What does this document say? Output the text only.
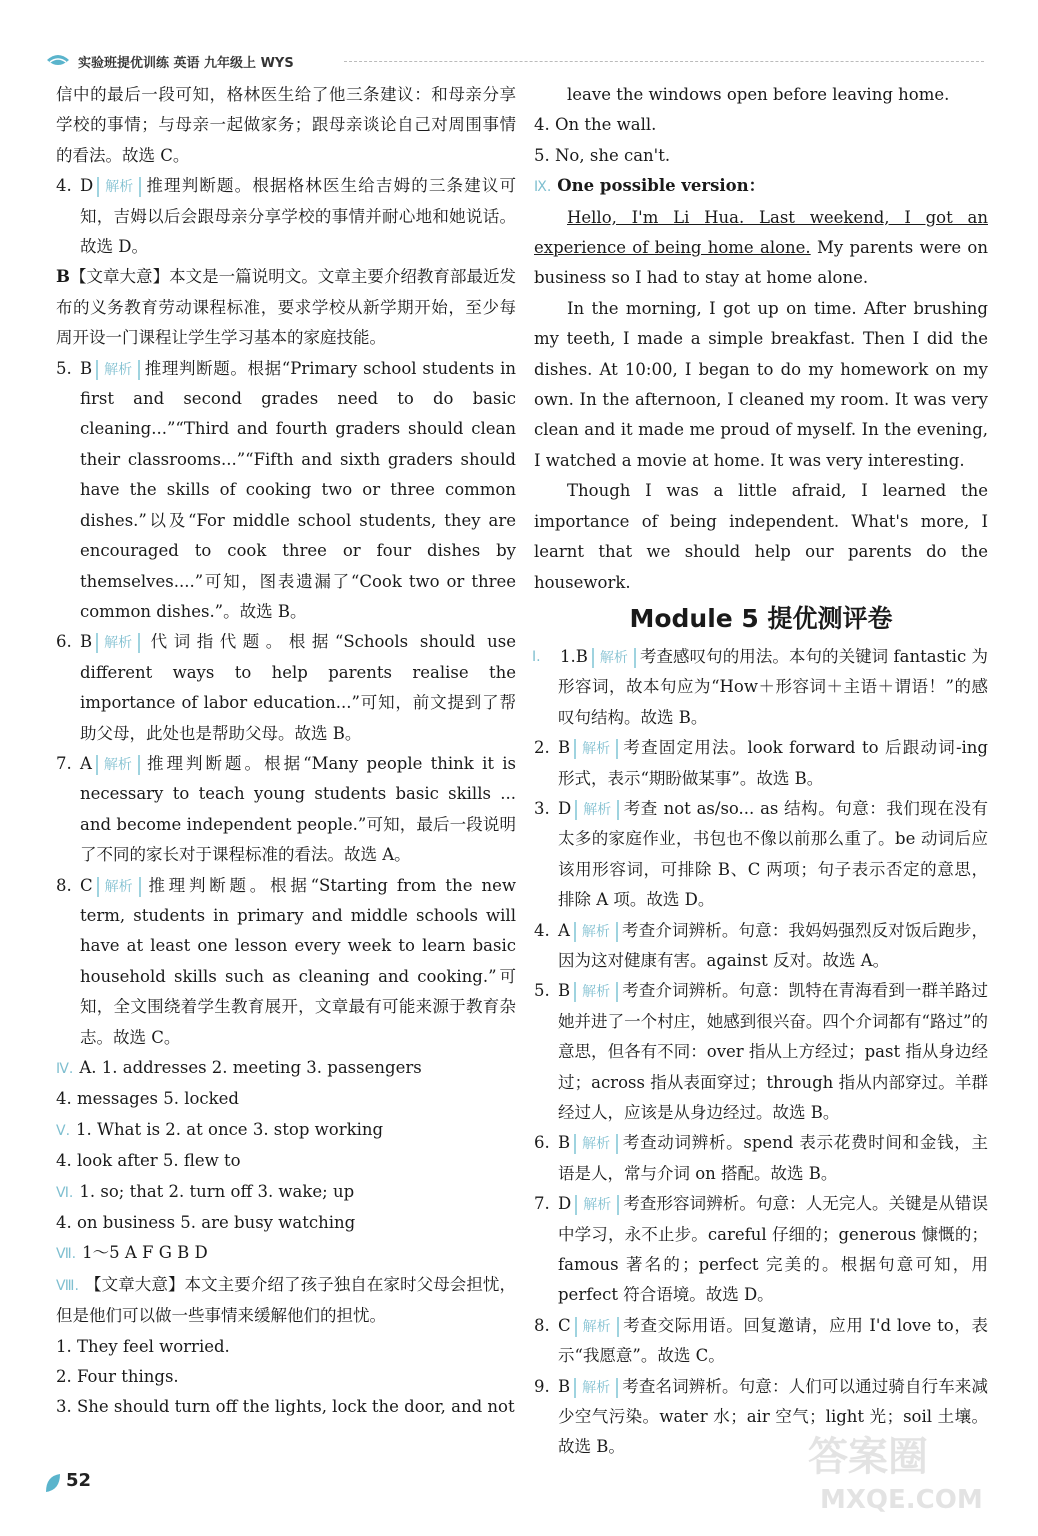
实验班提优训练 英语 九年级上 WYS

信中的最后一段可知，格林医生给了他三条建议：和母亲分享学校的事情；与母亲一起做家务；跟母亲谈论自己对周围事情的看法。故选 C。

4. D 解析 推理判断题。根据格林医生给吉姆的三条建议可知，吉姆以后会跟母亲分享学校的事情并耐心地和她说话。故选 D。

B【文章大意】本文是一篇说明文。文章主要介绍教育部最近发布的义务教育劳动课程标准，要求学校从新学期开始，至少每周开设一门课程让学生学习基本的家庭技能。

5. B 解析 推理判断题。根据“Primary school students in first and second grades need to do basic cleaning...”“Third and fourth graders should clean their classrooms...”“Fifth and sixth graders should have the skills of cooking two or three common dishes.”以及“For middle school students, they are encouraged to cook three or four dishes by themselves....”可知，图表遗漏了“Cook two or three common dishes.”。故选 B。

6. B 解析 代词指代题。根据“Schools should use different ways to help parents realise the importance of labor education...”可知，前文提到了帮助父母，此处也是帮助父母。故选 B。

7. A 解析 推理判断题。根据“Many people think it is necessary to teach young students basic skills ... and become independent people.”可知，最后一段说明了不同的家长对于课程标准的看法。故选 A。

8. C 解析 推理判断题。根据“Starting from the new term, students in primary and middle schools will have at least one lesson every week to learn basic household skills such as cleaning and cooking.”可知，全文围绕着学生教育展开，文章最有可能来源于教育杂志。故选 C。

Ⅳ. A. 1. addresses 2. meeting 3. passengers

4. messages 5. locked

Ⅴ. 1. What is 2. at once 3. stop working

4. look after 5. flew to

Ⅵ. 1. so; that 2. turn off 3. wake; up

4. on business 5. are busy watching

Ⅶ. 1～5 A F G B D

Ⅷ. 【文章大意】本文主要介绍了孩子独自在家时父母会担忧，但是他们可以做一些事情来缓解他们的担忧。

1. They feel worried.

2. Four things.

3. She should turn off the lights, lock the door, and not

leave the windows open before leaving home.

4. On the wall.

5. No, she can't.

Ⅸ. One possible version：

Hello, I'm Li Hua. Last weekend, I got an experience of being home alone. My parents were on business so I had to stay at home alone.

In the morning, I got up on time. After brushing my teeth, I made a simple breakfast. Then I did the dishes. At 10:00, I began to do my homework on my own. In the afternoon, I cleaned my room. It was very clean and it made me proud of myself. In the evening, I watched a movie at home. It was very interesting.

Though I was a little afraid, I learned the importance of being independent. What's more, I learnt that we should help our parents do the housework.

Module 5 提优测评卷

Ⅰ. 1.B 解析 考查感叹句的用法。本句的关键词 fantastic 为形容词，故本句应为“How＋形容词＋主语＋谓语！”的感叹句结构。故选 B。

2. B 解析 考查固定用法。look forward to 后跟动词-ing 形式，表示“期盼做某事”。故选 B。

3. D 解析 考查 not as/so... as 结构。句意：我们现在没有太多的家庭作业，书包也不像以前那么重了。be 动词后应该用形容词，可排除 B、C 两项；句子表示否定的意思，排除 A 项。故选 D。

4. A 解析 考查介词辨析。句意：我妈妈强烈反对饭后跑步，因为这对健康有害。against 反对。故选 A。

5. B 解析 考查介词辨析。句意：凯特在青海看到一群羊路过她并进了一个村庄，她感到很兴奋。四个介词都有“路过”的意思，但各有不同：over 指从上方经过；past 指从身边经过；across 指从表面穿过；through 指从内部穿过。羊群经过人，应该是从身边经过。故选 B。

6. B 解析 考查动词辨析。spend 表示花费时间和金钱，主语是人，常与介词 on 搭配。故选 B。

7. D 解析 考查形容词辨析。句意：人无完人。关键是从错误中学习，永不止步。careful 仔细的；generous 慷慨的；famous 著名的；perfect 完美的。根据句意可知，用 perfect 符合语境。故选 D。

8. C 解析 考查交际用语。回复邀请，应用 I'd love to，表示“我愿意”。故选 C。

9. B 解析 考查名词辨析。句意：人们可以通过骑自行车来减少空气污染。water 水；air 空气；light 光；soil 土壤。故选 B。

52
答案圈
MXQE.COM
